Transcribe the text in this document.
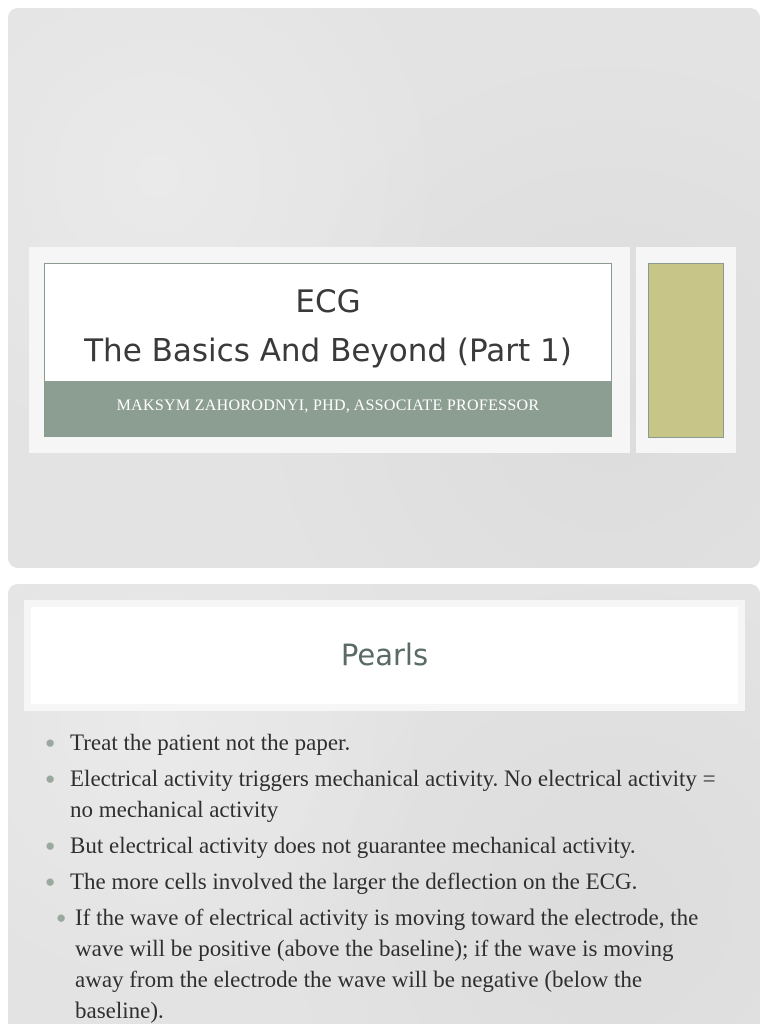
ECG
The Basics And Beyond (Part 1)
MAKSYM ZAHORODNYI, PHD, ASSOCIATE PROFESSOR
Pearls
● Treat the patient not the paper.
● Electrical activity triggers mechanical activity. No electrical activity = no mechanical activity
● But electrical activity does not guarantee mechanical activity.
● The more cells involved the larger the deflection on the ECG.
● If the wave of electrical activity is moving toward the electrode, the wave will be positive (above the baseline); if the wave is moving away from the electrode the wave will be negative (below the baseline).
